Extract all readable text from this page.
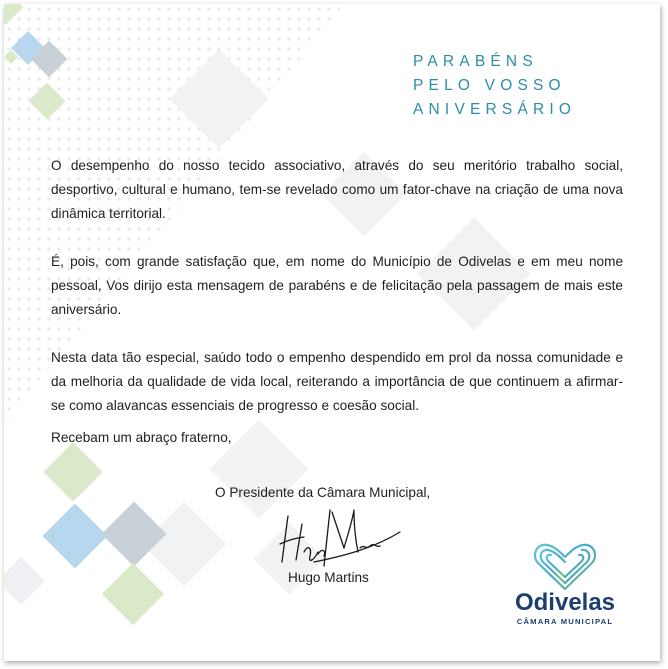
PARABÉNS
PELO VOSSO
ANIVERSÁRIO

O desempenho do nosso tecido associativo, através do seu meritório trabalho social, desportivo, cultural e humano, tem-se revelado como um fator-chave na criação de uma nova dinâmica territorial.

É, pois, com grande satisfação que, em nome do Município de Odivelas e em meu nome pessoal, Vos dirijo esta mensagem de parabéns e de felicitação pela passagem de mais este aniversário.

Nesta data tão especial, saúdo todo o empenho despendido em prol da nossa comunidade e da melhoria da qualidade de vida local, reiterando a importância de que continuem a afirmar-se como alavancas essenciais de progresso e coesão social.

Recebam um abraço fraterno,

O Presidente da Câmara Municipal,
Hugo Martins
Odivelas
CÂMARA MUNICIPAL
